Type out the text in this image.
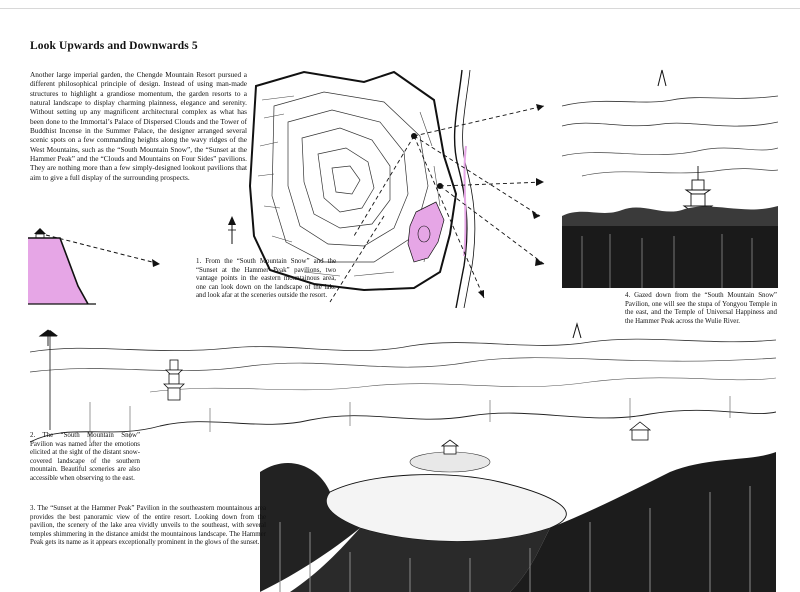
Look Upwards and Downwards 5
Another large imperial garden, the Chengde Mountain Resort pursued a different philosophical principle of design. Instead of using man-made structures to highlight a grandiose momentum, the garden resorts to a natural landscape to display charming plainness, elegance and serenity. Without setting up any magnificent architectural complex as what has been done to the Immortal’s Palace of Dispersed Clouds and the Tower of Buddhist Incense in the Summer Palace, the designer arranged several scenic spots on a few commanding heights along the wavy ridges of the West Mountains, such as the “South Mountain Snow”, the “Sunset at the Hammer Peak” and the “Clouds and Mountains on Four Sides” pavilions. They are nothing more than a few simply-designed lookout pavilions that aim to give a full display of the surrounding prospects.
1. From the “South Mountain Snow” and the “Sunset at the Hammer Peak” pavilions, two vantage points in the eastern mountainous area, one can look down on the landscape of the lake and look afar at the sceneries outside the resort.	4. Gazed down from the “South Mountain Snow” Pavilion, one will see the stupa of Yongyou Temple in the east, and the Temple of Universal Happiness and the Hammer Peak across the Wulie River.
2. The “South Mountain Snow” Pavilion was named after the emotions elicited at the sight of the distant snow-covered landscape of the southern mountain. Beautiful sceneries are also accessible when observing to the east.
3. The “Sunset at the Hammer Peak” Pavilion in the southeastern mountainous area provides the best panoramic view of the entire resort. Looking down from the pavilion, the scenery of the lake area vividly unveils to the southeast, with several temples shimmering in the distance amidst the mountainous landscape. The Hammer Peak gets its name as it appears exceptionally prominent in the glows of the sunset.
